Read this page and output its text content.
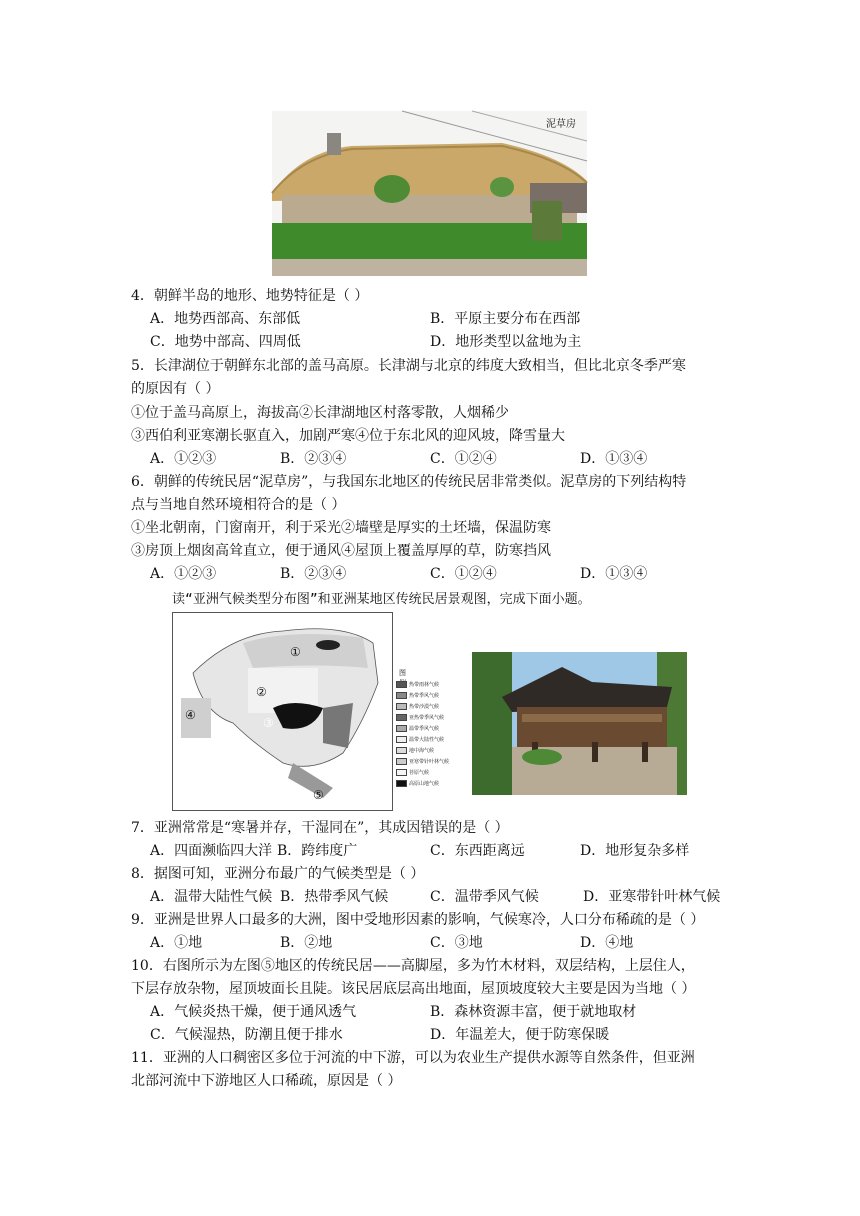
泥草房
4．朝鲜半岛的地形、地势特征是（ ）
A．地势西部高、东部低	B．平原主要分布在西部
C．地势中部高、四周低	D．地形类型以盆地为主
5．长津湖位于朝鲜东北部的盖马高原。长津湖与北京的纬度大致相当，但比北京冬季严寒
的原因有（ ）
①位于盖马高原上，海拔高②长津湖地区村落零散，人烟稀少
③西伯利亚寒潮长驱直入，加剧严寒④位于东北风的迎风坡，降雪量大
A．①②③	B．②③④	C．①②④	D．①③④
6．朝鲜的传统民居“泥草房”，与我国东北地区的传统民居非常类似。泥草房的下列结构特
点与当地自然环境相符合的是（ ）
①坐北朝南，门窗南开，利于采光②墙壁是厚实的土坯墙，保温防寒
③房顶上烟囱高耸直立，便于通风④屋顶上覆盖厚厚的草，防寒挡风
A．①②③	B．②③④	C．①②④	D．①③④
读“亚洲气候类型分布图”和亚洲某地区传统民居景观图，完成下面小题。
①
②
③
④
⑤
图
热带雨林气候
热带季风气候
热带沙漠气候
亚热带季风气候
温带季风气候
温带大陆性气候
地中海气候
亚寒带针叶林气候
苔原气候
高原山地气候
7．亚洲常常是“寒暑并存，干湿同在”，其成因错误的是（ ）
A．四面濒临四大洋 B．跨纬度广	C．东西距离远	D．地形复杂多样
8．据图可知，亚洲分布最广的气候类型是（ ）
A．温带大陆性气候 B．热带季风气候	C．温带季风气候	D．亚寒带针叶林气候
9．亚洲是世界人口最多的大洲，图中受地形因素的影响，气候寒冷，人口分布稀疏的是（ ）
A．①地	B．②地	C．③地	D．④地
10．右图所示为左图⑤地区的传统民居——高脚屋，多为竹木材料，双层结构，上层住人，
下层存放杂物，屋顶坡面长且陡。该民居底层高出地面，屋顶坡度较大主要是因为当地（ ）
A．气候炎热干燥，便于通风透气	B．森林资源丰富，便于就地取材
C．气候湿热，防潮且便于排水	D．年温差大，便于防寒保暖
11．亚洲的人口稠密区多位于河流的中下游，可以为农业生产提供水源等自然条件，但亚洲
北部河流中下游地区人口稀疏，原因是（ ）
